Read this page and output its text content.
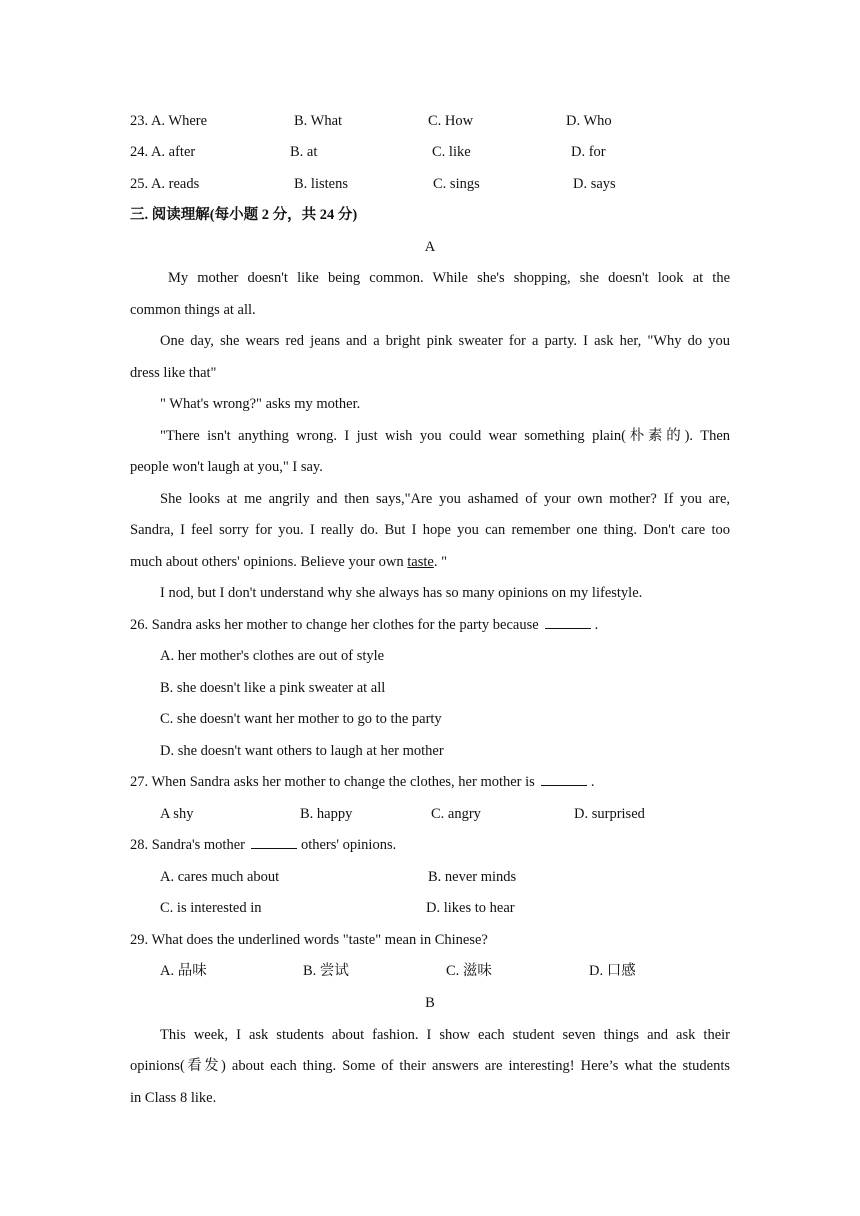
23. A. Where	B. What	C. How	D. Who
24. A. after	B. at	C. like	D. for
25. A. reads	B. listens	C. sings	D. says
三. 阅读理解(每小题 2 分，共 24 分)
A
My mother doesn't like being common. While she's shopping, she doesn't look at the
common things at all.
One day, she wears red jeans and a bright pink sweater for a party. I ask her, "Why do you
dress like that"
" What's wrong?" asks my mother.
"There isn't anything wrong. I just wish you could wear something plain(朴素的). Then
people won't laugh at you," I say.
She looks at me angrily and then says,"Are you ashamed of your own mother? If you are,
Sandra, I feel sorry for you. I really do. But I hope you can remember one thing. Don't care too
much about others' opinions. Believe your own taste. "
I nod, but I don't understand why she always has so many opinions on my lifestyle.
26. Sandra asks her mother to change her clothes for the party because	.
A. her mother's clothes are out of style
B. she doesn't like a pink sweater at all
C. she doesn't want her mother to go to the party
D. she doesn't want others to laugh at her mother
27. When Sandra asks her mother to change the clothes, her mother is	.
A shy	B. happy	C. angry	D. surprised
28. Sandra's mother	others' opinions.
A. cares much about	B. never minds
C. is interested in	D. likes to hear
29. What does the underlined words "taste" mean in Chinese?
A. 品味	B. 尝试	C. 滋味	D. 口感
B
This week, I ask students about fashion. I show each student seven things and ask their
opinions(看发) about each thing. Some of their answers are interesting! Here’s what the students
in Class 8 like.
